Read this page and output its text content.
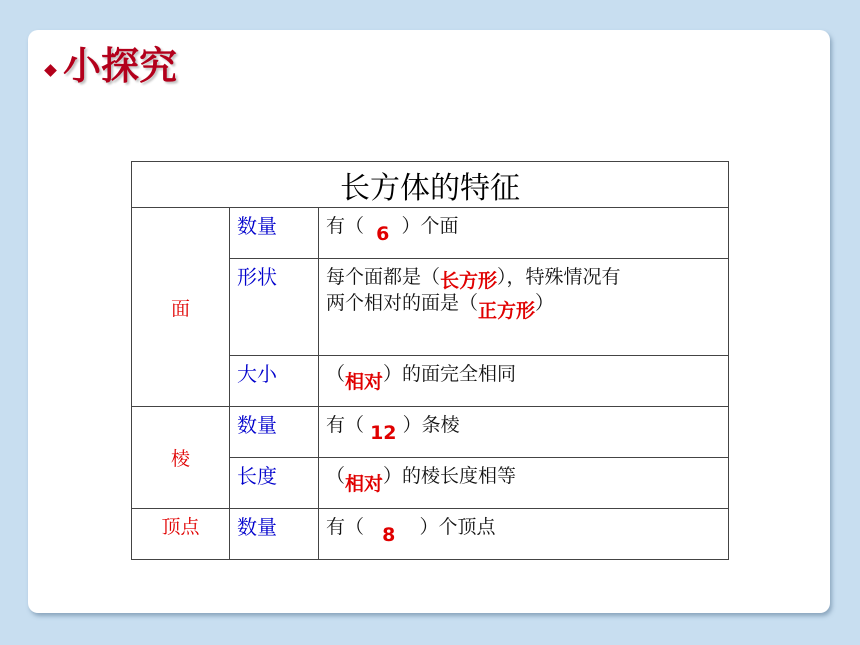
小探究
长方体的特征		
面	数量	有（ 6 ）个面
	形状	每个面都是（长方形），特殊情况有
两个相对的面是（正方形）

	大小	（相对）的面完全相同
棱	数量	有（ 12 ）条棱
	长度	（相对）的棱长度相等
顶点	数量	有（ 8 ）个顶点
